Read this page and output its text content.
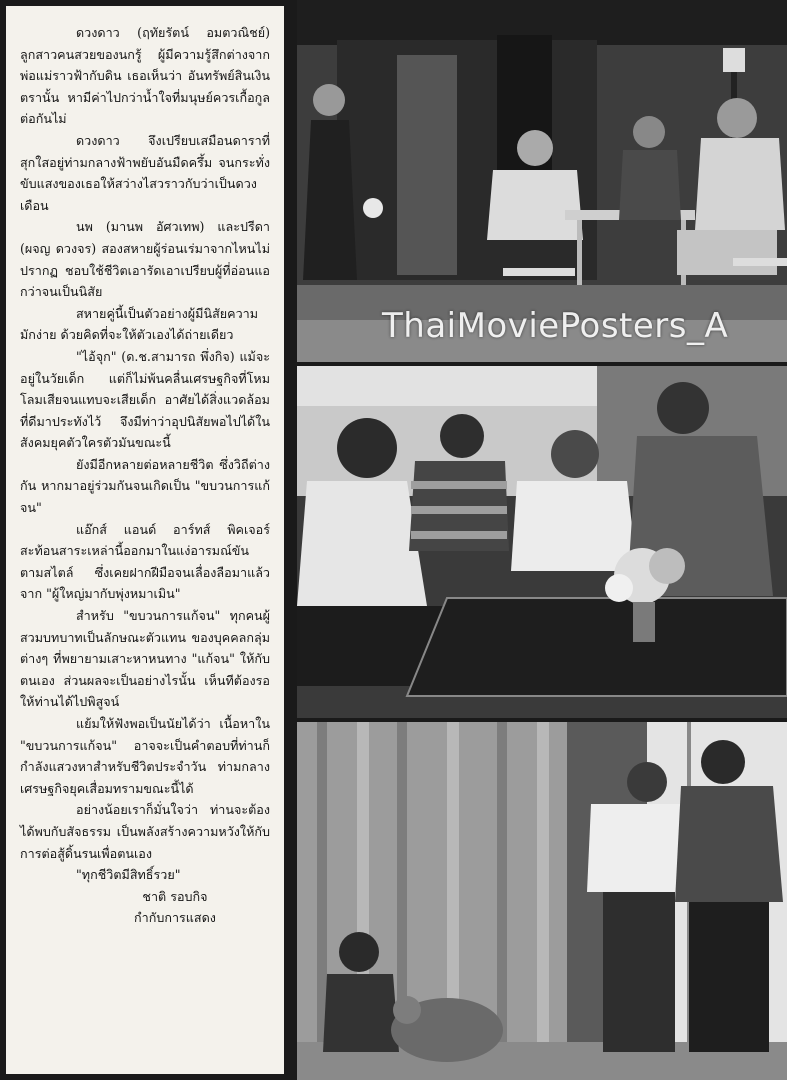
ดวงดาว (ฤทัยรัตน์ อมตวณิชย์) ลูกสาวคนสวยของนกรู้ ผู้มีความรู้สึกต่างจากพ่อแม่ราวฟ้ากับดิน เธอเห็นว่า อันทรัพย์สินเงินตรานั้น หามีค่าไปกว่าน้ำใจที่มนุษย์ควรเกื้อกูลต่อกันไม่

ดวงดาว จึงเปรียบเสมือนดาราที่สุกใสอยู่ท่ามกลางฟ้าพยับอันมืดครึ้ม จนกระทั่งขับแสงของเธอให้สว่างไสวราวกับว่าเป็นดวงเดือน

นพ (มานพ อัศวเทพ) และปรีดา (ผจญ ดวงจร) สองสหายผู้ร่อนเร่มาจากไหนไม่ปรากฏ ชอบใช้ชีวิตเอารัดเอาเปรียบผู้ที่อ่อนแอกว่าจนเป็นนิสัย

สหายคู่นี้เป็นตัวอย่างผู้มีนิสัยความมักง่าย ด้วยคิดที่จะให้ตัวเองได้ถ่ายเดียว

"ไอ้จุก" (ด.ช.สามารถ พึ่งกิจ) แม้จะอยู่ในวัยเด็ก แต่ก็ไม่พ้นคลื่นเศรษฐกิจที่โหมโลมเสียจนแทบจะเสียเด็ก อาศัยได้สิ่งแวดล้อมที่ดีมาประทังไว้ จึงมีท่าว่าอุปนิสัยพอไปได้ในสังคมยุคตัวใครตัวมันขณะนี้

ยังมีอีกหลายต่อหลายชีวิต ซึ่งวิถีต่างกัน หากมาอยู่ร่วมกันจนเกิดเป็น "ขบวนการแก้จน"

แอ๊กส์ แอนด์ อาร์ทส์ พิคเจอร์ สะท้อนสาระเหล่านี้ออกมาในแง่อารมณ์ขันตามสไตล์ ซึ่งเคยฝากฝีมือจนเลื่องลือมาแล้วจาก "ผู้ใหญ่มากับพุ่งหมาเมิน"

สำหรับ "ขบวนการแก้จน" ทุกคนผู้สวมบทบาทเป็นลักษณะตัวแทน ของบุคคลกลุ่มต่างๆ ที่พยายามเสาะหาหนทาง "แก้จน" ให้กับตนเอง ส่วนผลจะเป็นอย่างไรนั้น เห็นทีต้องรอให้ท่านได้ไปพิสูจน์

แย้มให้ฟังพอเป็นนัยได้ว่า เนื้อหาใน "ขบวนการแก้จน" อาจจะเป็นคำตอบที่ท่านก็กำลังแสวงหาสำหรับชีวิตประจำวัน ท่ามกลางเศรษฐกิจยุคเสื่อมทรามขณะนี้ได้

อย่างน้อยเราก็มั่นใจว่า ท่านจะต้องได้พบกับสัจธรรม เป็นพลังสร้างความหวังให้กับการต่อสู้ดิ้นรนเพื่อตนเอง

"ทุกชีวิตมีสิทธิ์รวย"

ชาติ รอบกิจ

กำกับการแสดง

ThaiMoviePosters_A
